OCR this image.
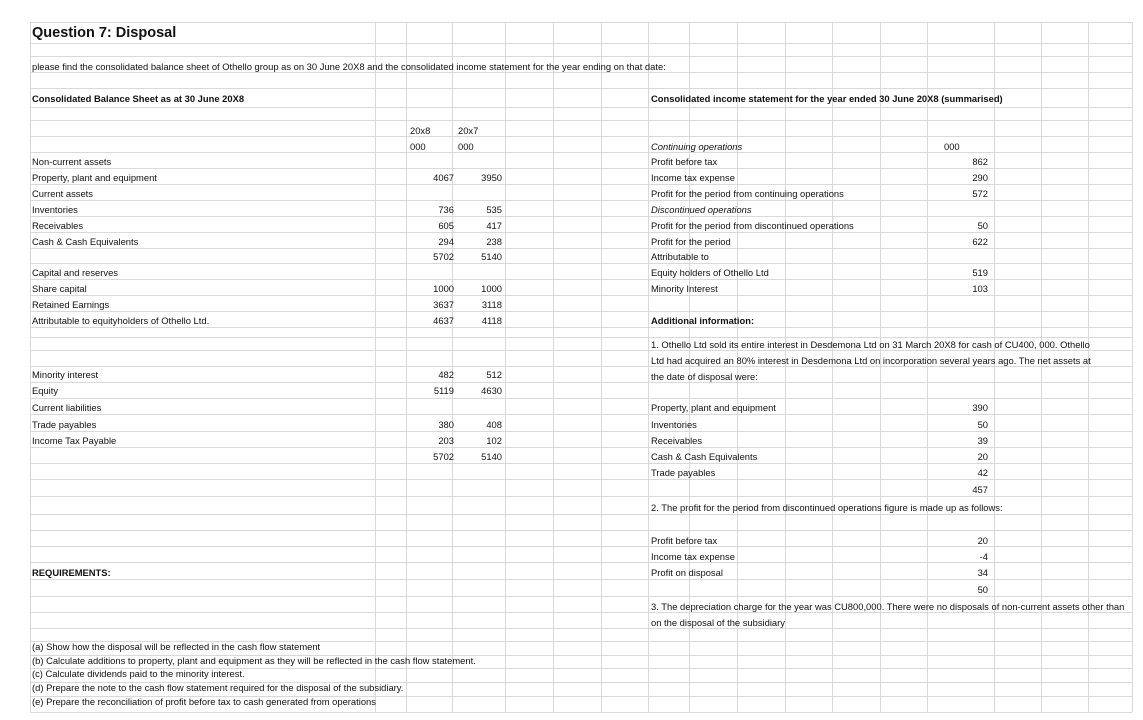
Question 7: Disposal
please find the consolidated balance sheet of Othello group as on 30 June 20X8 and the consolidated income statement for the year ending on that date:
Consolidated Balance Sheet as at 30 June 20X8
20x8	20x7
000	000
Non-current assets
Property, plant and equipment	4067	3950
Current assets
Inventories	736	535
Receivables	605	417
Cash & Cash Equivalents	294	238
5702	5140
Capital and reserves
Share capital	1000	1000
Retained Earnings	3637	3118
Attributable to equityholders of Othello Ltd.	4637	4118
Minority interest	482	512
Equity	5119	4630
Current liabilities
Trade payables	380	408
Income Tax Payable	203	102
5702	5140
Consolidated income statement for the year ended 30 June 20X8 (summarised)
000
Continuing operations
Profit before tax	862
Income tax expense	290
Profit for the period from continuing operations	572
Discontinued operations
Profit for the period from discontinued operations	50
Profit for the period	622
Attributable to
Equity holders of Othello Ltd	519
Minority Interest	103
Additional information:
1. Othello Ltd sold its entire interest in Desdemona Ltd on 31 March 20X8 for cash of CU400, 000. Othello Ltd had acquired an 80% interest in Desdemona Ltd on incorporation several years ago. The net assets at the date of disposal were:
Property, plant and equipment	390
Inventories	50
Receivables	39
Cash & Cash Equivalents	20
Trade payables	42
457
2. The profit for the period from discontinued operations figure is made up as follows:
Profit before tax	20
Income tax expense	-4
Profit on disposal	34
50
3. The depreciation charge for the year was CU800,000. There were no disposals of non-current assets other than on the disposal of the subsidiary
REQUIREMENTS:
(a) Show how the disposal will be reflected in the cash flow statement
(b) Calculate additions to property, plant and equipment as they will be reflected in the cash flow statement.
(c) Calculate dividends paid to the minority interest.
(d) Prepare the note to the cash flow statement required for the disposal of the subsidiary.
(e) Prepare the reconciliation of profit before tax to cash generated from operations
